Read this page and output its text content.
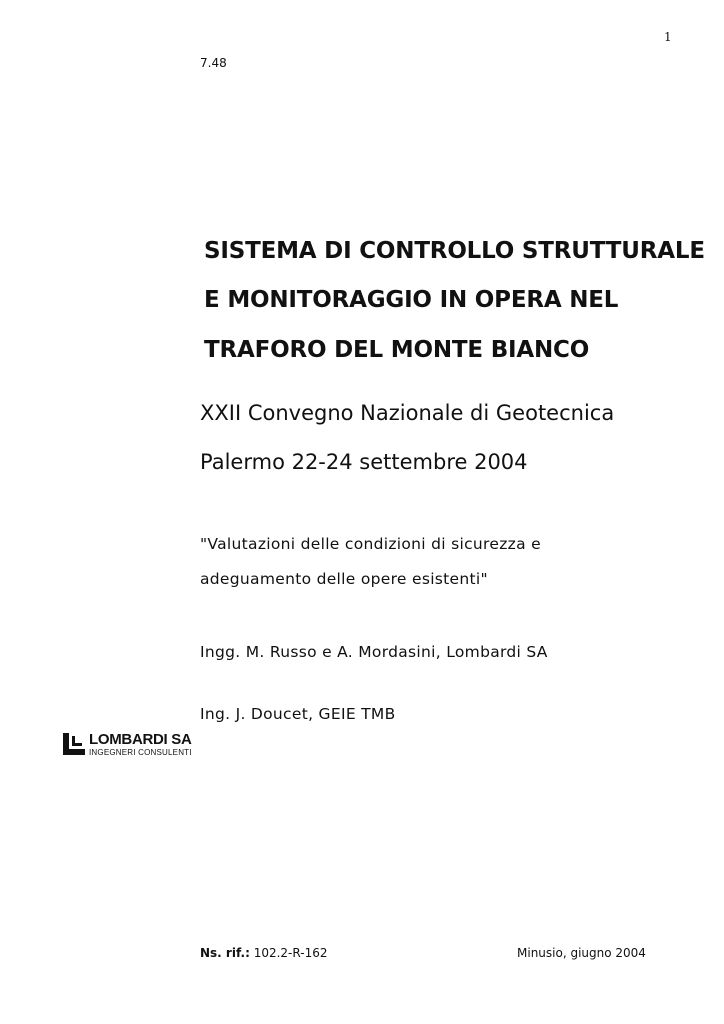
1
7.48
SISTEMA DI CONTROLLO STRUTTURALE
E MONITORAGGIO IN OPERA NEL
TRAFORO DEL MONTE BIANCO
XXII Convegno Nazionale di Geotecnica
Palermo 22-24 settembre 2004
"Valutazioni delle condizioni di sicurezza e
adeguamento delle opere esistenti"
Ingg. M. Russo e A. Mordasini, Lombardi SA
Ing. J. Doucet, GEIE TMB
LOMBARDI SA
INGEGNERI CONSULENTI
Ns. rif.: 102.2-R-162	Minusio, giugno 2004
